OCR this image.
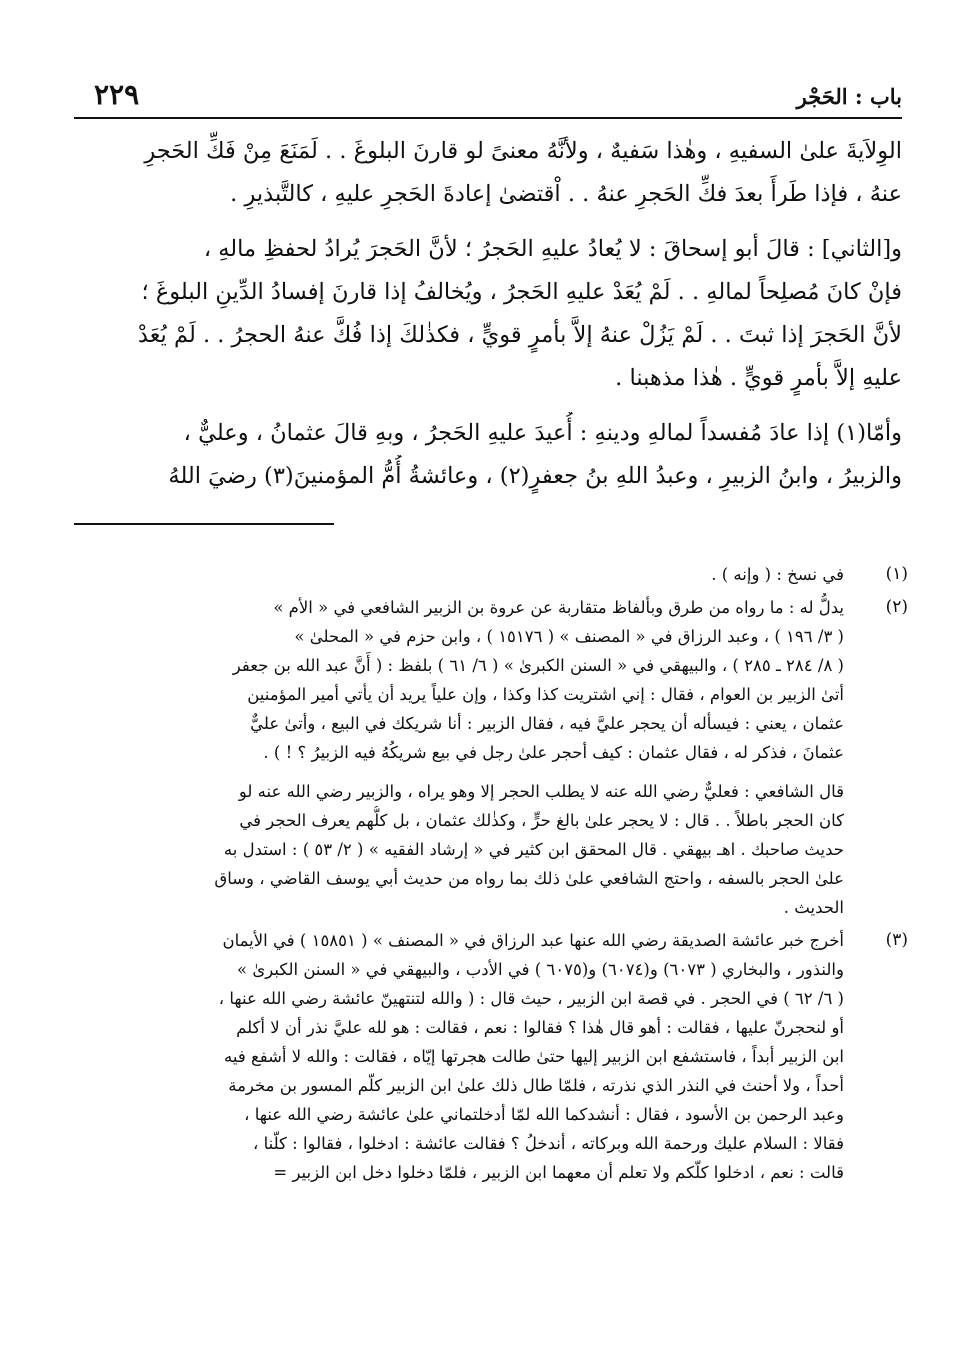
باب : الحَجْر
٢٢٩
الوِلاَيةَ علىٰ السفيهِ ، وهٰذا سَفيهٌ ، ولأنَّهُ معنىً لو قارنَ البلوغَ . . لَمَنَعَ مِنْ فَكِّ الحَجرِ
عنهُ ، فإذا طَرأَ بعدَ فكِّ الحَجرِ عنهُ . . اْقتضىٰ إعادةَ الحَجرِ عليهِ ، كالتَّبذيرِ .
و[الثاني] : قالَ أبو إسحاقَ : لا يُعادُ عليهِ الحَجرُ ؛ لأنَّ الحَجرَ يُرادُ لحفظِ مالهِ ،
فإنْ كانَ مُصلِحاً لمالهِ . . لَمْ يُعَدْ عليهِ الحَجرُ ، ويُخالفُ إذا قارنَ إفسادُ الدِّينِ البلوغَ ؛
لأنَّ الحَجرَ إذا ثبتَ . . لَمْ يَزُلْ عنهُ إلاَّ بأمرٍ قويٍّ ، فكذٰلكَ إذا فُكَّ عنهُ الحجرُ . . لَمْ يُعَدْ
عليهِ إلاَّ بأمرٍ قويٍّ . هٰذا مذهبنا .
وأمّا(١) إذا عادَ مُفسداً لمالهِ ودينهِ : أُعيدَ عليهِ الحَجرُ ، وبهِ قالَ عثمانُ ، وعليٌّ ،
والزبيرُ ، وابنُ الزبيرِ ، وعبدُ اللهِ بنُ جعفرٍ(٢) ، وعائشةُ أُمُّ المؤمنينَ(٣) رضيَ اللهُ
(١)
في نسخ : ( وإنه ) .
(٢)
يدلُّ له : ما رواه من طرق وبألفاظ متقاربة عن عروة بن الزبير الشافعي في « الأم »
( ٣/ ١٩٦ ) ، وعبد الرزاق في « المصنف » ( ١٥١٧٦ ) ، وابن حزم في « المحلىٰ »
( ٨/ ٢٨٤ ـ ٢٨٥ ) ، والبيهقي في « السنن الكبرىٰ » ( ٦/ ٦١ ) بلفظ : ( أَنَّ عبد الله بن جعفر
أتىٰ الزبير بن العوام ، فقال : إني اشتريت كذا وكذا ، وإن علياً يريد أن يأتي أمير المؤمنين
عثمان ، يعني : فيسأله أن يحجر عليَّ فيه ، فقال الزبير : أنا شريكك في البيع ، وأتىٰ عليٌّ
عثمانَ ، فذكر له ، فقال عثمان : كيف أحجر علىٰ رجل في بيع شريكُهُ فيه الزبيرُ ؟ ! ) .
قال الشافعي : فعليٌّ رضي الله عنه لا يطلب الحجر إلا وهو يراه ، والزبير رضي الله عنه لو
كان الحجر باطلاً . . قال : لا يحجر علىٰ بالغ حرٍّ ، وكذٰلك عثمان ، بل كلُّهم يعرف الحجر في
حديث صاحبك . اهـ بيهقي . قال المحقق ابن كثير في « إرشاد الفقيه » ( ٢/ ٥٣ ) : استدل به
علىٰ الحجر بالسفه ، واحتج الشافعي علىٰ ذلك بما رواه من حديث أبي يوسف القاضي ، وساق
الحديث .
(٣)
أخرج خبر عائشة الصديقة رضي الله عنها عبد الرزاق في « المصنف » ( ١٥٨٥١ ) في الأيمان
والنذور ، والبخاري ( ٦٠٧٣) و(٦٠٧٤) و(٦٠٧٥ ) في الأدب ، والبيهقي في « السنن الكبرىٰ »
( ٦/ ٦٢ ) في الحجر . في قصة ابن الزبير ، حيث قال : ( والله لتنتهينّ عائشة رضي الله عنها ،
أو لنحجرنّ عليها ، فقالت : أهو قال هٰذا ؟ فقالوا : نعم ، فقالت : هو لله عليَّ نذر أن لا أكلم
ابن الزبير أبداً ، فاستشفع ابن الزبير إليها حتىٰ طالت هجرتها إيّاه ، فقالت : والله لا أشفع فيه
أحداً ، ولا أحنث في النذر الذي نذرته ، فلمّا طال ذلك علىٰ ابن الزبير كلّم المسور بن مخرمة
وعبد الرحمن بن الأسود ، فقال : أنشدكما الله لمّا أدخلتماني علىٰ عائشة رضي الله عنها ،
فقالا : السلام عليك ورحمة الله وبركاته ، أندخلُ ؟ فقالت عائشة : ادخلوا ، فقالوا : كلّنا ،
قالت : نعم ، ادخلوا كلّكم ولا تعلم أن معهما ابن الزبير ، فلمّا دخلوا دخل ابن الزبير =
